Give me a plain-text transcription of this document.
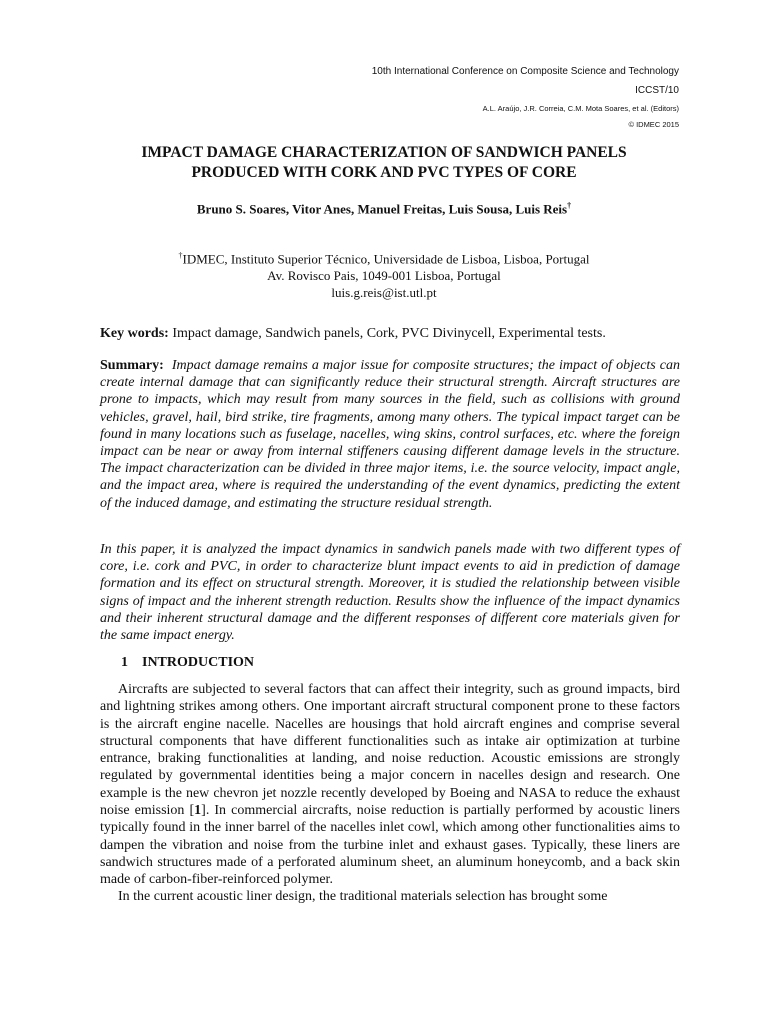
10th International Conference on Composite Science and Technology
ICCST/10
A.L. Araújo, J.R. Correia, C.M. Mota Soares, et al. (Editors)
© IDMEC 2015
IMPACT DAMAGE CHARACTERIZATION OF SANDWICH PANELS
PRODUCED WITH CORK AND PVC TYPES OF CORE
Bruno S. Soares, Vitor Anes, Manuel Freitas, Luis Sousa, Luis Reis†
†IDMEC, Instituto Superior Técnico, Universidade de Lisboa, Lisboa, Portugal
Av. Rovisco Pais, 1049-001 Lisboa, Portugal
luis.g.reis@ist.utl.pt
Key words: Impact damage, Sandwich panels, Cork, PVC Divinycell, Experimental tests.
Summary: Impact damage remains a major issue for composite structures; the impact of objects can create internal damage that can significantly reduce their structural strength. Aircraft structures are prone to impacts, which may result from many sources in the field, such as collisions with ground vehicles, gravel, hail, bird strike, tire fragments, among many others. The typical impact target can be found in many locations such as fuselage, nacelles, wing skins, control surfaces, etc. where the foreign impact can be near or away from internal stiffeners causing different damage levels in the structure. The impact characterization can be divided in three major items, i.e. the source velocity, impact angle, and the impact area, where is required the understanding of the event dynamics, predicting the extent of the induced damage, and estimating the structure residual strength.
In this paper, it is analyzed the impact dynamics in sandwich panels made with two different types of core, i.e. cork and PVC, in order to characterize blunt impact events to aid in prediction of damage formation and its effect on structural strength. Moreover, it is studied the relationship between visible signs of impact and the inherent strength reduction. Results show the influence of the impact dynamics and their inherent structural damage and the different responses of different core materials given for the same impact energy.
1 INTRODUCTION
Aircrafts are subjected to several factors that can affect their integrity, such as ground impacts, bird and lightning strikes among others. One important aircraft structural component prone to these factors is the aircraft engine nacelle. Nacelles are housings that hold aircraft engines and comprise several structural components that have different functionalities such as intake air optimization at turbine entrance, braking functionalities at landing, and noise reduction. Acoustic emissions are strongly regulated by governmental identities being a major concern in nacelles design and research. One example is the new chevron jet nozzle recently developed by Boeing and NASA to reduce the exhaust noise emission [1]. In commercial aircrafts, noise reduction is partially performed by acoustic liners typically found in the inner barrel of the nacelles inlet cowl, which among other functionalities aims to dampen the vibration and noise from the turbine inlet and exhaust gases. Typically, these liners are sandwich structures made of a perforated aluminum sheet, an aluminum honeycomb, and a back skin made of carbon-fiber-reinforced polymer.
In the current acoustic liner design, the traditional materials selection has brought some
